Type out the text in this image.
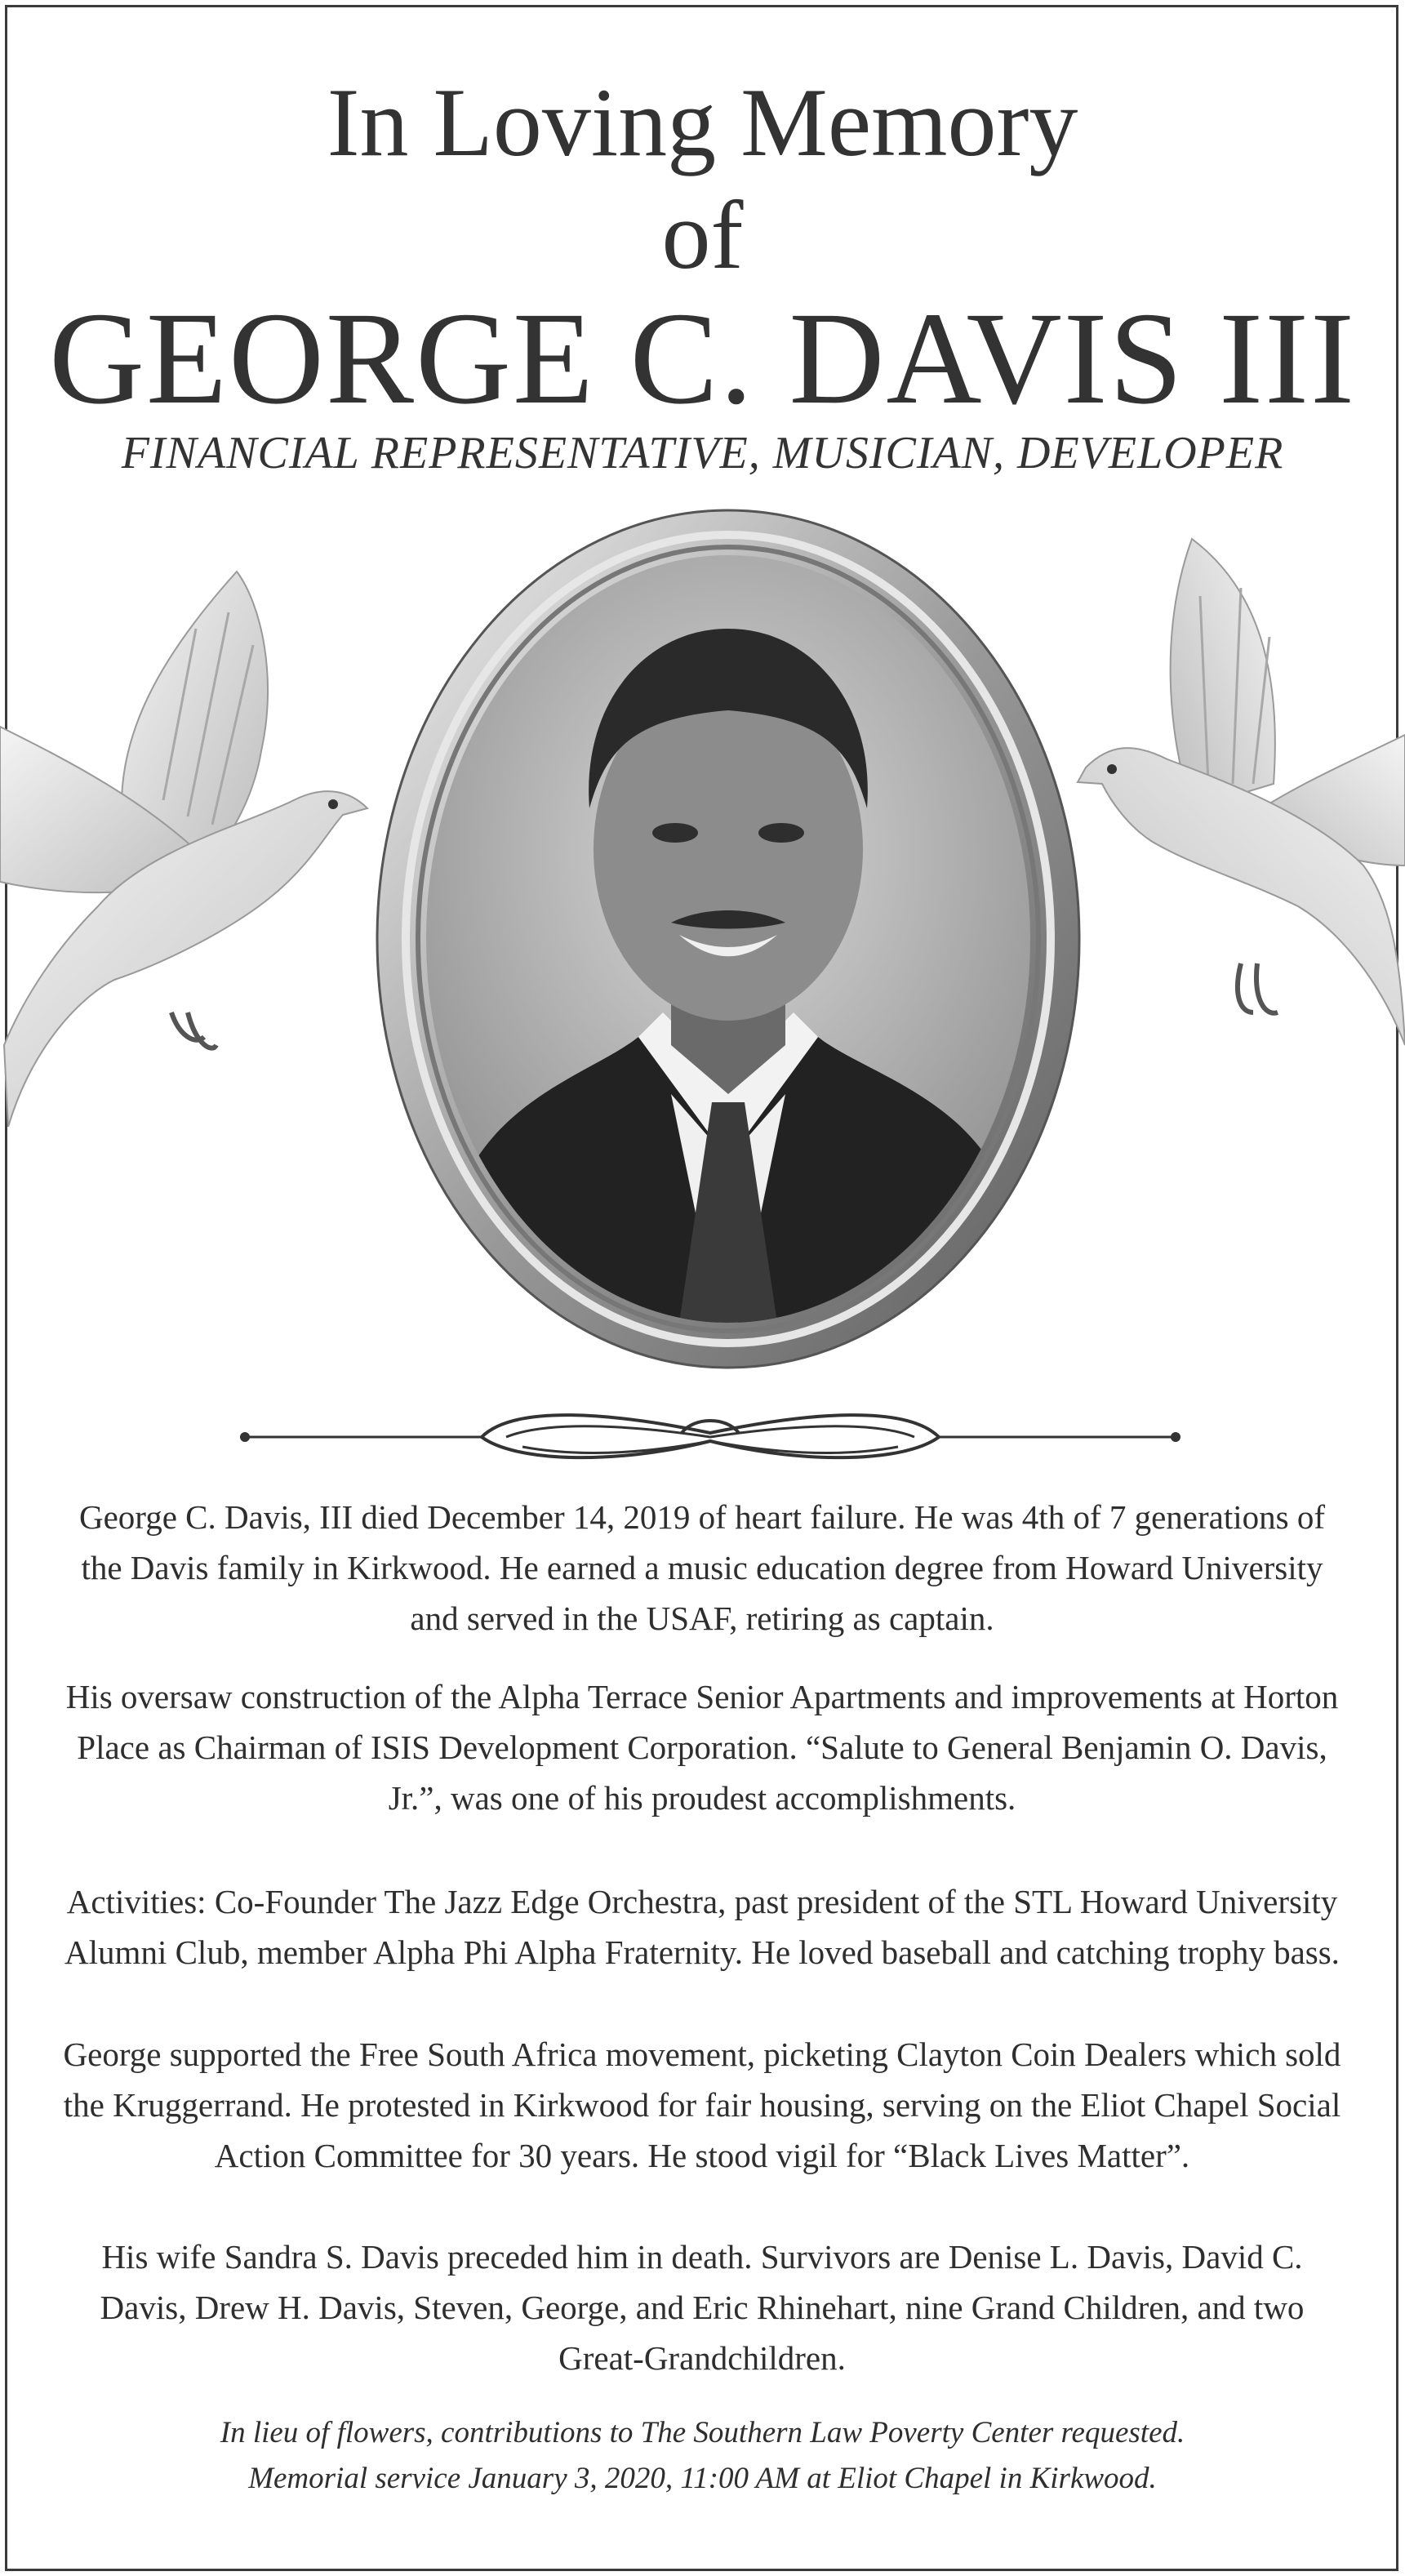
In Loving Memory
of
GEORGE C. DAVIS III
FINANCIAL REPRESENTATIVE, MUSICIAN, DEVELOPER

George C. Davis, III died December 14, 2019 of heart failure. He was 4th of 7 generations of the Davis family in Kirkwood. He earned a music education degree from Howard University and served in the USAF, retiring as captain.

His oversaw construction of the Alpha Terrace Senior Apartments and improvements at Horton Place as Chairman of ISIS Development Corporation. “Salute to General Benjamin O. Davis, Jr.”, was one of his proudest accomplishments.

Activities: Co-Founder The Jazz Edge Orchestra, past president of the STL Howard University Alumni Club, member Alpha Phi Alpha Fraternity. He loved baseball and catching trophy bass.

George supported the Free South Africa movement, picketing Clayton Coin Dealers which sold the Kruggerrand. He protested in Kirkwood for fair housing, serving on the Eliot Chapel Social Action Committee for 30 years. He stood vigil for “Black Lives Matter”.

His wife Sandra S. Davis preceded him in death. Survivors are Denise L. Davis, David C. Davis, Drew H. Davis, Steven, George, and Eric Rhinehart, nine Grand Children, and two Great-Grandchildren.

In lieu of flowers, contributions to The Southern Law Poverty Center requested.

Memorial service January 3, 2020, 11:00 AM at Eliot Chapel in Kirkwood.
